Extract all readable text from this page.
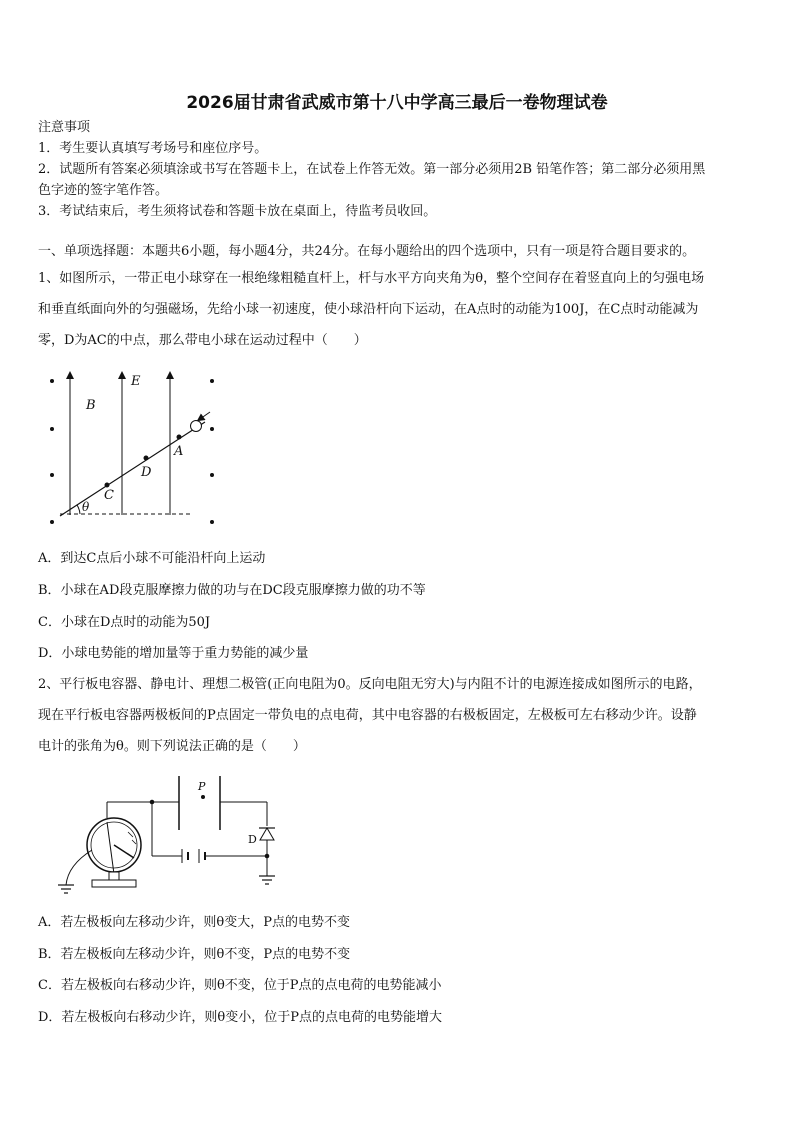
2026届甘肃省武威市第十八中学高三最后一卷物理试卷
注意事项
1．考生要认真填写考场号和座位序号。
2．试题所有答案必须填涂或书写在答题卡上，在试卷上作答无效。第一部分必须用2B 铅笔作答；第二部分必须用黑
色字迹的签字笔作答。
3．考试结束后，考生须将试卷和答题卡放在桌面上，待监考员收回。
一、单项选择题：本题共6小题，每小题4分，共24分。在每小题给出的四个选项中，只有一项是符合题目要求的。
1、如图所示，一带正电小球穿在一根绝缘粗糙直杆上，杆与水平方向夹角为θ，整个空间存在着竖直向上的匀强电场
和垂直纸面向外的匀强磁场，先给小球一初速度，使小球沿杆向下运动，在A点时的动能为100J，在C点时动能减为
零，D为AC的中点，那么带电小球在运动过程中（　　）
E
B
A
D
C
θ
A．到达C点后小球不可能沿杆向上运动
B．小球在AD段克服摩擦力做的功与在DC段克服摩擦力做的功不等
C．小球在D点时的动能为50J
D．小球电势能的增加量等于重力势能的减少量
2、平行板电容器、静电计、理想二极管(正向电阻为0。反向电阻无穷大)与内阻不计的电源连接成如图所示的电路，
现在平行板电容器两极板间的P点固定一带负电的点电荷，其中电容器的右极板固定，左极板可左右移动少许。设静
电计的张角为θ。则下列说法正确的是（　　）
P
D
A．若左极板向左移动少许，则θ变大，P点的电势不变
B．若左极板向左移动少许，则θ不变，P点的电势不变
C．若左极板向右移动少许，则θ不变，位于P点的点电荷的电势能减小
D．若左极板向右移动少许，则θ变小，位于P点的点电荷的电势能增大
